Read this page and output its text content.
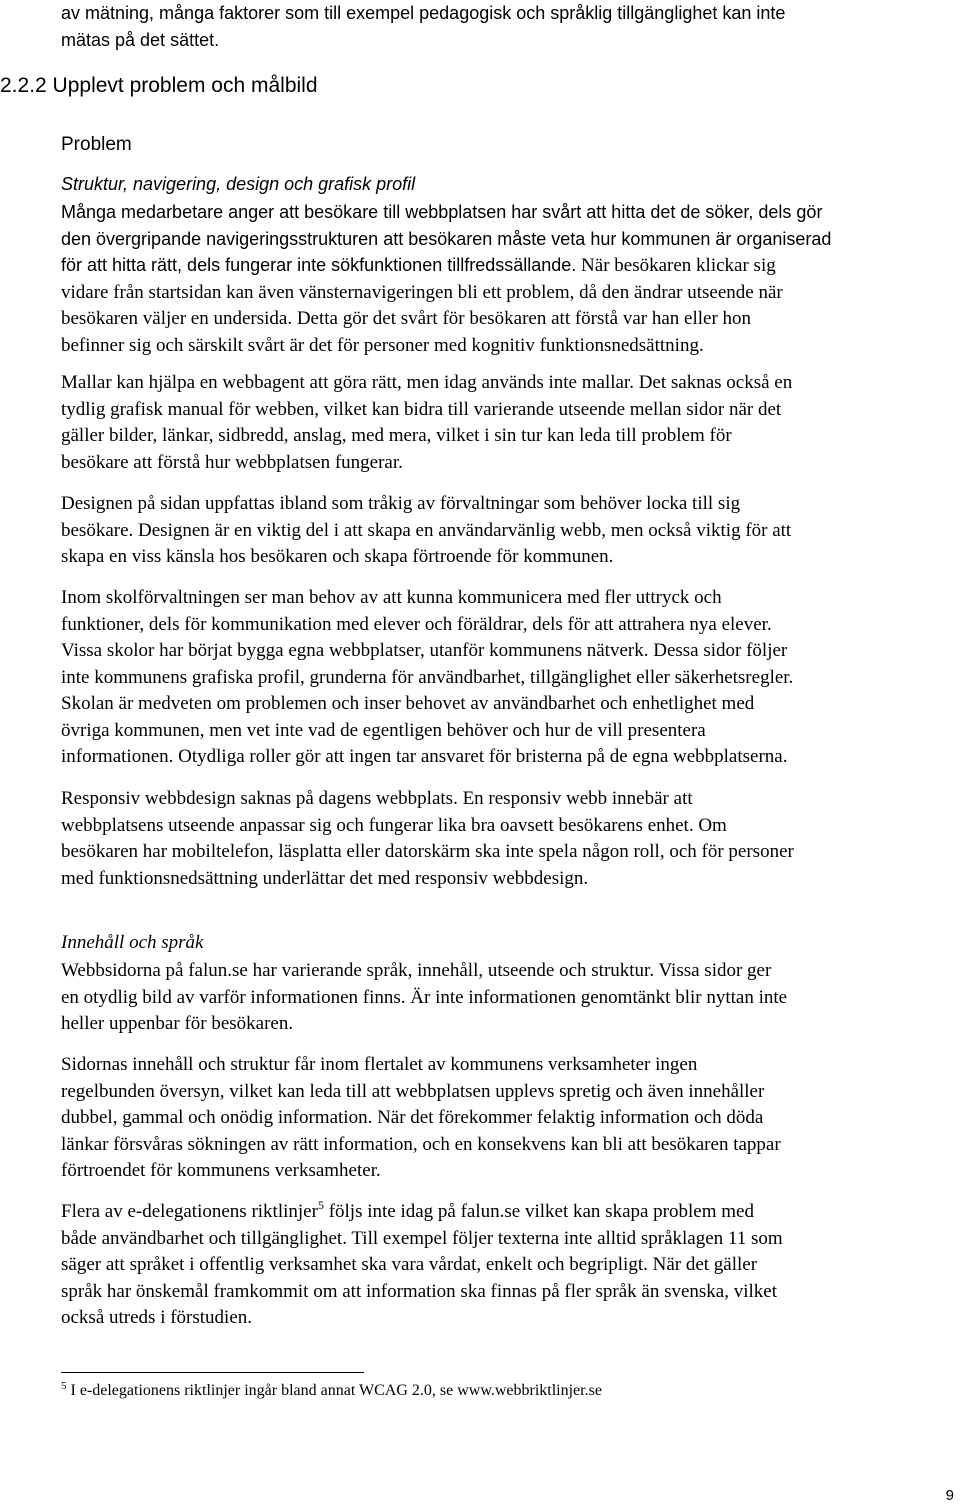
av mätning, många faktorer som till exempel pedagogisk och språklig tillgänglighet kan inte
mätas på det sättet.
2.2.2 Upplevt problem och målbild
Problem
Struktur, navigering, design och grafisk profil
Många medarbetare anger att besökare till webbplatsen har svårt att hitta det de söker, dels gör
den övergripande navigeringsstrukturen att besökaren måste veta hur kommunen är organiserad
för att hitta rätt, dels fungerar inte sökfunktionen tillfredssällande. När besökaren klickar sig
vidare från startsidan kan även vänsternavigeringen bli ett problem, då den ändrar utseende när
besökaren väljer en undersida. Detta gör det svårt för besökaren att förstå var han eller hon
befinner sig och särskilt svårt är det för personer med kognitiv funktionsnedsättning.
Mallar kan hjälpa en webbagent att göra rätt, men idag används inte mallar. Det saknas också en
tydlig grafisk manual för webben, vilket kan bidra till varierande utseende mellan sidor när det
gäller bilder, länkar, sidbredd, anslag, med mera, vilket i sin tur kan leda till problem för
besökare att förstå hur webbplatsen fungerar.
Designen på sidan uppfattas ibland som tråkig av förvaltningar som behöver locka till sig
besökare. Designen är en viktig del i att skapa en användarvänlig webb, men också viktig för att
skapa en viss känsla hos besökaren och skapa förtroende för kommunen.
Inom skolförvaltningen ser man behov av att kunna kommunicera med fler uttryck och
funktioner, dels för kommunikation med elever och föräldrar, dels för att attrahera nya elever.
Vissa skolor har börjat bygga egna webbplatser, utanför kommunens nätverk. Dessa sidor följer
inte kommunens grafiska profil, grunderna för användbarhet, tillgänglighet eller säkerhetsregler.
Skolan är medveten om problemen och inser behovet av användbarhet och enhetlighet med
övriga kommunen, men vet inte vad de egentligen behöver och hur de vill presentera
informationen. Otydliga roller gör att ingen tar ansvaret för bristerna på de egna webbplatserna.
Responsiv webbdesign saknas på dagens webbplats. En responsiv webb innebär att
webbplatsens utseende anpassar sig och fungerar lika bra oavsett besökarens enhet. Om
besökaren har mobiltelefon, läsplatta eller datorskärm ska inte spela någon roll, och för personer
med funktionsnedsättning underlättar det med responsiv webbdesign.
Innehåll och språk
Webbsidorna på falun.se har varierande språk, innehåll, utseende och struktur. Vissa sidor ger
en otydlig bild av varför informationen finns. Är inte informationen genomtänkt blir nyttan inte
heller uppenbar för besökaren.
Sidornas innehåll och struktur får inom flertalet av kommunens verksamheter ingen
regelbunden översyn, vilket kan leda till att webbplatsen upplevs spretig och även innehåller
dubbel, gammal och onödig information. När det förekommer felaktig information och döda
länkar försvåras sökningen av rätt information, och en konsekvens kan bli att besökaren tappar
förtroendet för kommunens verksamheter.
Flera av e-delegationens riktlinjer$^5$ följs inte idag på falun.se vilket kan skapa problem med
både användbarhet och tillgänglighet. Till exempel följer texterna inte alltid språklagen 11 som
säger att språket i offentlig verksamhet ska vara vårdat, enkelt och begripligt. När det gäller
språk har önskemål framkommit om att information ska finnas på fler språk än svenska, vilket
också utreds i förstudien.
$^5$ I e-delegationens riktlinjer ingår bland annat WCAG 2.0, se www.webbriktlinjer.se
9
